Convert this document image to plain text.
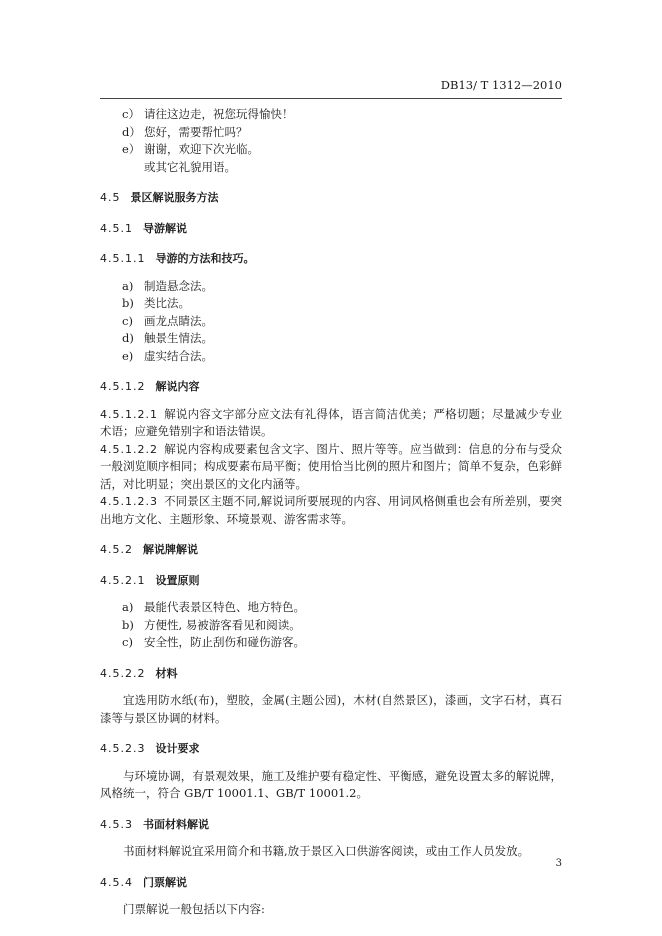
DB13/ T 1312—2010
c） 请往这边走，祝您玩得愉快！
d） 您好，需要帮忙吗？
e） 谢谢，欢迎下次光临。
或其它礼貌用语。
4.5 景区解说服务方法
4.5.1 导游解说
4.5.1.1 导游的方法和技巧。
a) 制造悬念法。
b) 类比法。
c) 画龙点睛法。
d) 触景生情法。
e) 虚实结合法。
4.5.1.2 解说内容

4.5.1.2.1 解说内容文字部分应文法有礼得体，语言简洁优美；严格切题；尽量减少专业术语；应避免错别字和语法错误。

4.5.1.2.2 解说内容构成要素包含文字、图片、照片等等。应当做到：信息的分布与受众一般浏览顺序相同；构成要素布局平衡；使用恰当比例的照片和图片；简单不复杂，色彩鲜活，对比明显；突出景区的文化内涵等。

4.5.1.2.3 不同景区主题不同,解说词所要展现的内容、用词风格侧重也会有所差别，要突出地方文化、主题形象、环境景观、游客需求等。

4.5.2 解说牌解说
4.5.2.1 设置原则
a) 最能代表景区特色、地方特色。
b) 方便性, 易被游客看见和阅读。
c) 安全性，防止刮伤和碰伤游客。
4.5.2.2 材料

宜选用防水纸(布)，塑胶，金属(主题公园)，木材(自然景区)，漆画，文字石材，真石漆等与景区协调的材料。

4.5.2.3 设计要求

与环境协调，有景观效果，施工及维护要有稳定性、平衡感，避免设置太多的解说牌，风格统一，符合 GB/T 10001.1、GB/T 10001.2。

4.5.3 书面材料解说

书面材料解说宜采用简介和书籍,放于景区入口供游客阅读，或由工作人员发放。

4.5.4 门票解说

门票解说一般包括以下内容:

3
